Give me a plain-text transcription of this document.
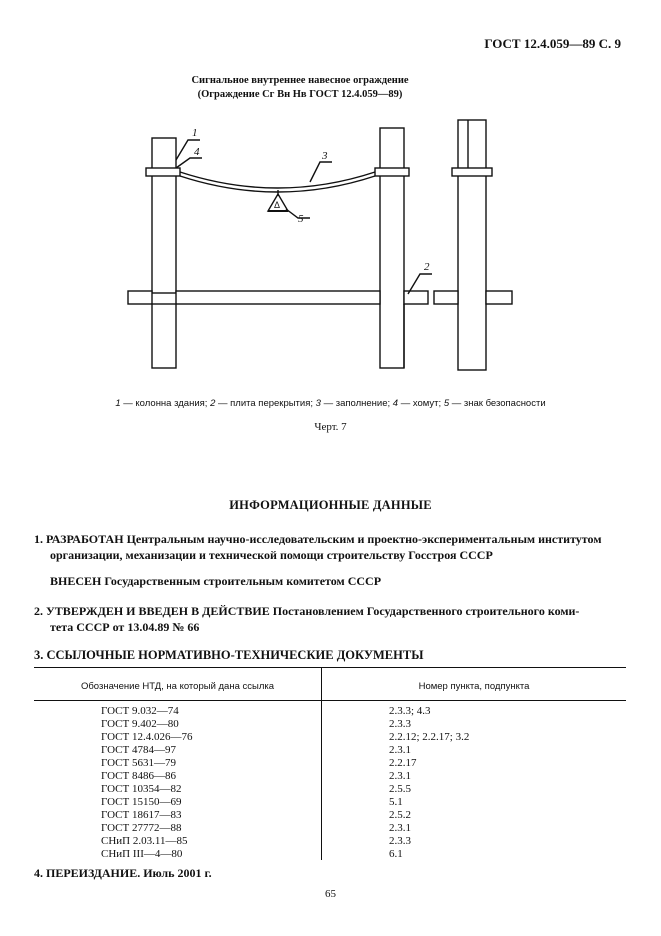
ГОСТ 12.4.059—89 С. 9
Сигнальное внутреннее навесное ограждение
(Ограждение Сг Вн Нв ГОСТ 12.4.059—89)
1
4	3
5
2
Δ
1 — колонна здания; 2 — плита перекрытия; 3 — заполнение; 4 — хомут; 5 — знак безопасности
Черт. 7
ИНФОРМАЦИОННЫЕ ДАННЫЕ
1. РАЗРАБОТАН Центральным научно-исследовательским и проектно-экспериментальным институтом
организации, механизации и технической помощи строительству Госстроя СССР
ВНЕСЕН Государственным строительным комитетом СССР
2. УТВЕРЖДЕН И ВВЕДЕН В ДЕЙСТВИЕ Постановлением Государственного строительного коми-
тета СССР от 13.04.89 № 66
3. ССЫЛОЧНЫЕ НОРМАТИВНО-ТЕХНИЧЕСКИЕ ДОКУМЕНТЫ
Обозначение НТД, на который дана ссылка	Номер пункта, подпункта
ГОСТ 9.032—74	2.3.3; 4.3
ГОСТ 9.402—80	2.3.3
ГОСТ 12.4.026—76	2.2.12; 2.2.17; 3.2
ГОСТ 4784—97	2.3.1
ГОСТ 5631—79	2.2.17
ГОСТ 8486—86	2.3.1
ГОСТ 10354—82	2.5.5
ГОСТ 15150—69	5.1
ГОСТ 18617—83	2.5.2
ГОСТ 27772—88	2.3.1
СНиП 2.03.11—85	2.3.3
СНиП III—4—80	6.1
4. ПЕРЕИЗДАНИЕ. Июль 2001 г.
65
